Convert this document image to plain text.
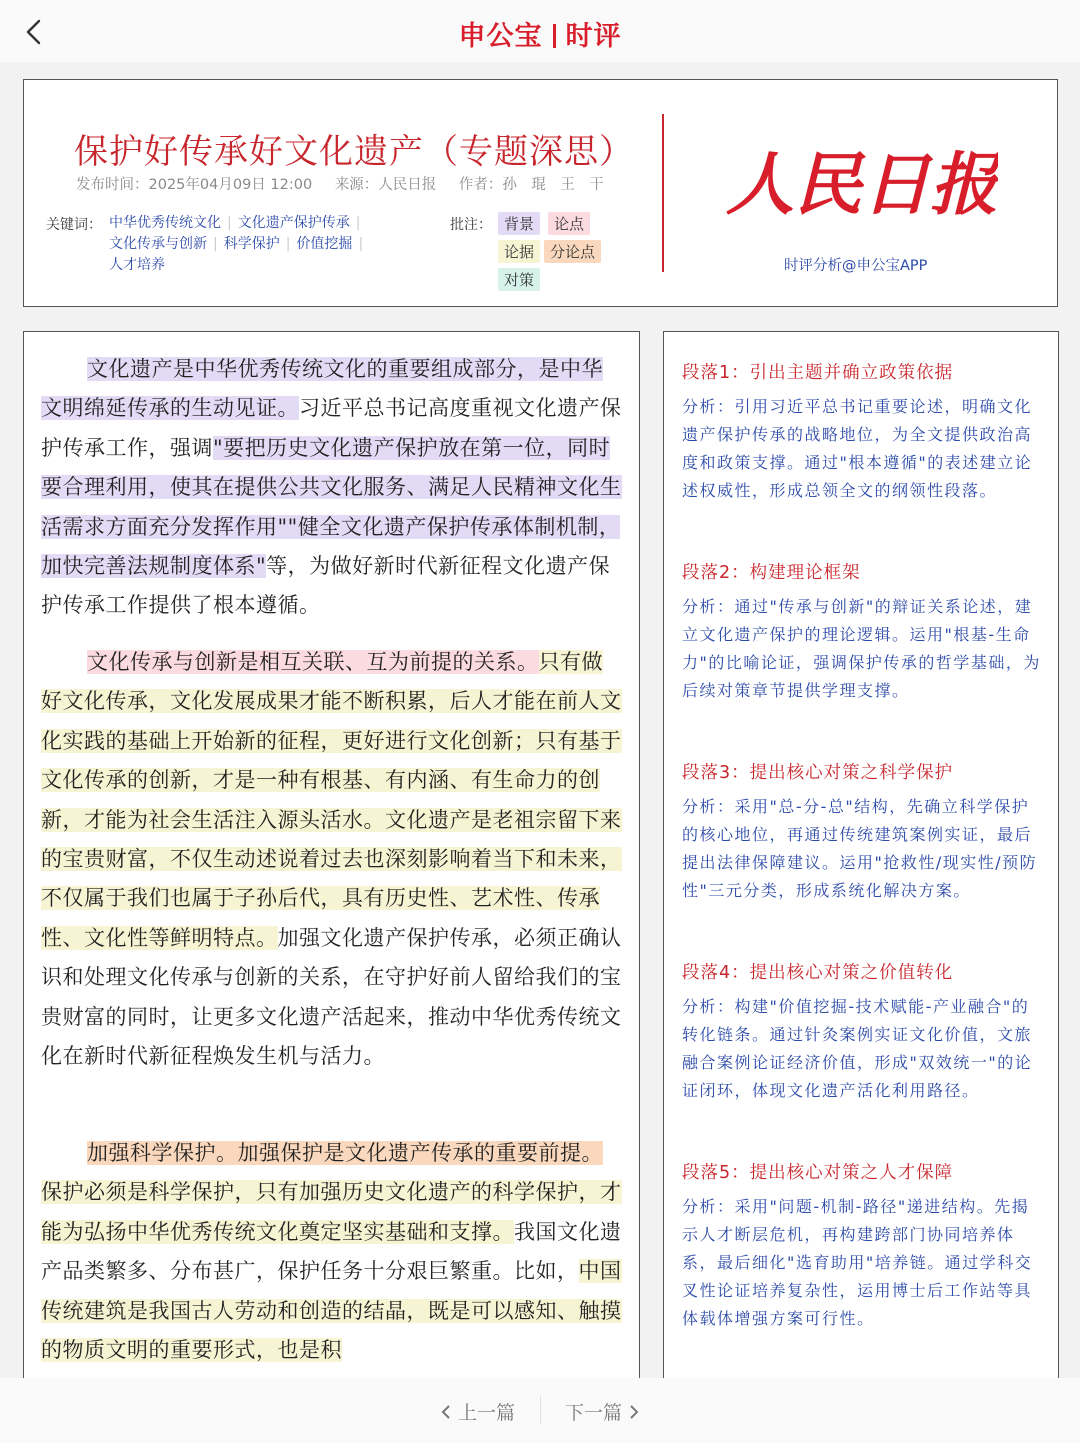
申公宝 时评
保护好传承好文化遗产（专题深思）
发布时间：2025年04月09日 12:00 来源：人民日报 作者：孙　琨　王　干
关键词： 中华优秀传统文化 | 文化遗产保护传承 |
文化传承与创新 | 科学保护 | 价值挖掘 |
人才培养
批注： 背景	论点
论据	分论点
对策
人民日报
时评分析@申公宝APP
文化遗产是中华优秀传统文化的重要组成部分，是中华文明绵延传承的生动见证。习近平总书记高度重视文化遗产保护传承工作，强调"要把历史文化遗产保护放在第一位，同时要合理利用，使其在提供公共文化服务、满足人民精神文化生活需求方面充分发挥作用""健全文化遗产保护传承体制机制，加快完善法规制度体系"等，为做好新时代新征程文化遗产保护传承工作提供了根本遵循。
文化传承与创新是相互关联、互为前提的关系。只有做好文化传承，文化发展成果才能不断积累，后人才能在前人文化实践的基础上开始新的征程，更好进行文化创新；只有基于文化传承的创新，才是一种有根基、有内涵、有生命力的创新，才能为社会生活注入源头活水。文化遗产是老祖宗留下来的宝贵财富，不仅生动述说着过去也深刻影响着当下和未来，不仅属于我们也属于子孙后代，具有历史性、艺术性、传承性、文化性等鲜明特点。加强文化遗产保护传承，必须正确认识和处理文化传承与创新的关系，在守护好前人留给我们的宝贵财富的同时，让更多文化遗产活起来，推动中华优秀传统文化在新时代新征程焕发生机与活力。
加强科学保护。加强保护是文化遗产传承的重要前提。保护必须是科学保护，只有加强历史文化遗产的科学保护，才能为弘扬中华优秀传统文化奠定坚实基础和支撑。我国文化遗产品类繁多、分布甚广，保护任务十分艰巨繁重。比如，中国传统建筑是我国古人劳动和创造的结晶，既是可以感知、触摸的物质文明的重要形式，也是积
段落1：引出主题并确立政策依据
分析：引用习近平总书记重要论述，明确文化遗产保护传承的战略地位，为全文提供政治高度和政策支撑。通过"根本遵循"的表述建立论述权威性，形成总领全文的纲领性段落。
段落2：构建理论框架
分析：通过"传承与创新"的辩证关系论述，建立文化遗产保护的理论逻辑。运用"根基-生命力"的比喻论证，强调保护传承的哲学基础，为后续对策章节提供学理支撑。
段落3：提出核心对策之科学保护
分析：采用"总-分-总"结构，先确立科学保护的核心地位，再通过传统建筑案例实证，最后提出法律保障建议。运用"抢救性/现实性/预防性"三元分类，形成系统化解决方案。
段落4：提出核心对策之价值转化
分析：构建"价值挖掘-技术赋能-产业融合"的转化链条。通过针灸案例实证文化价值，文旅融合案例论证经济价值，形成"双效统一"的论证闭环，体现文化遗产活化利用路径。
段落5：提出核心对策之人才保障
分析：采用"问题-机制-路径"递进结构。先揭示人才断层危机，再构建跨部门协同培养体系，最后细化"选育助用"培养链。通过学科交叉性论证培养复杂性，运用博士后工作站等具体载体增强方案可行性。
上一篇	下一篇
